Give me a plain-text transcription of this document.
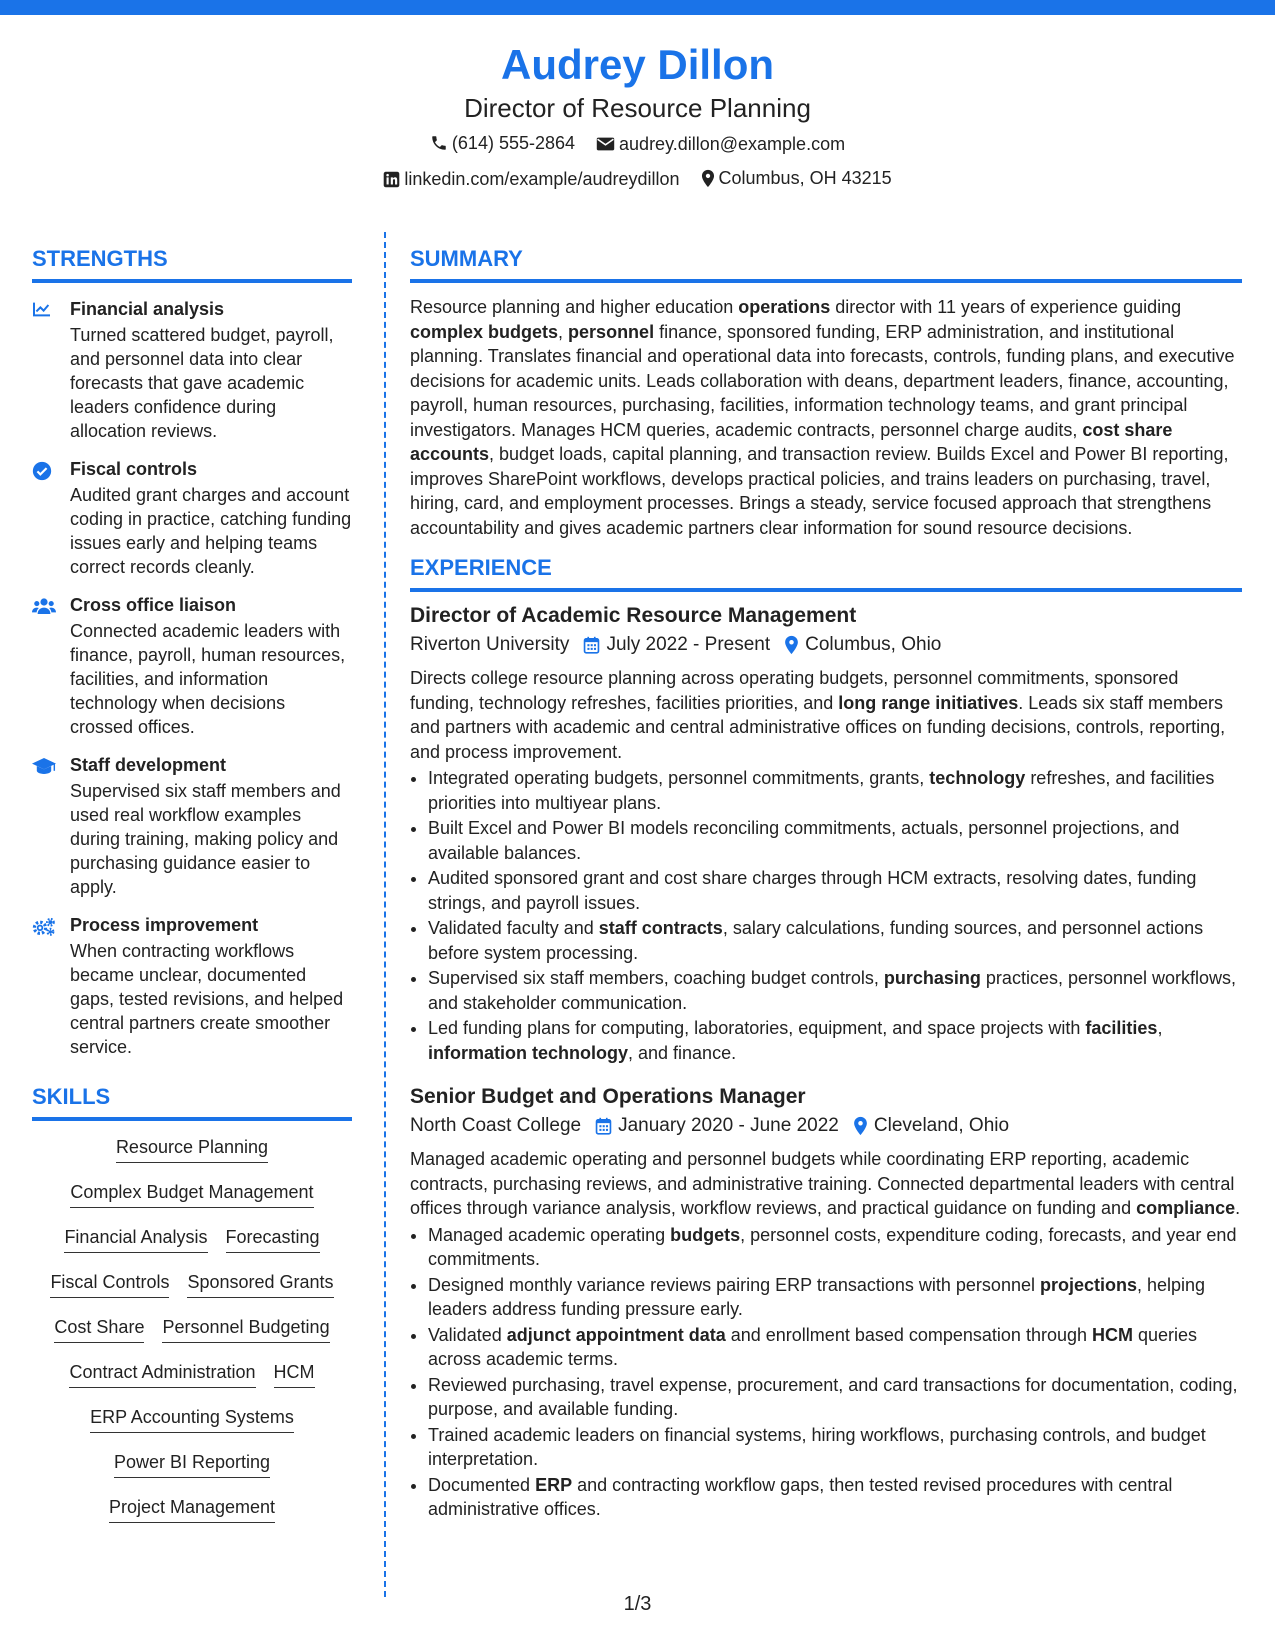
Audrey Dillon
Director of Resource Planning
(614) 555-2864
audrey.dillon@example.com
linkedin.com/example/audreydillon
Columbus, OH 43215
STRENGTHS
Financial analysis
Turned scattered budget, payroll, and personnel data into clear forecasts that gave academic leaders confidence during allocation reviews.
Fiscal controls
Audited grant charges and account coding in practice, catching funding issues early and helping teams correct records cleanly.
Cross office liaison
Connected academic leaders with finance, payroll, human resources, facilities, and information technology when decisions crossed offices.
Staff development
Supervised six staff members and used real workflow examples during training, making policy and purchasing guidance easier to apply.
Process improvement
When contracting workflows became unclear, documented gaps, tested revisions, and helped central partners create smoother service.
SKILLS
Resource Planning
Complex Budget Management
Financial Analysis Forecasting
Fiscal Controls Sponsored Grants
Cost Share Personnel Budgeting
Contract Administration HCM
ERP Accounting Systems
Power BI Reporting
Project Management
SUMMARY
Resource planning and higher education operations director with 11 years of experience guiding complex budgets, personnel finance, sponsored funding, ERP administration, and institutional planning. Translates financial and operational data into forecasts, controls, funding plans, and executive decisions for academic units. Leads collaboration with deans, department leaders, finance, accounting, payroll, human resources, purchasing, facilities, information technology teams, and grant principal investigators. Manages HCM queries, academic contracts, personnel charge audits, cost share accounts, budget loads, capital planning, and transaction review. Builds Excel and Power BI reporting, improves SharePoint workflows, develops practical policies, and trains leaders on purchasing, travel, hiring, card, and employment processes. Brings a steady, service focused approach that strengthens accountability and gives academic partners clear information for sound resource decisions.
EXPERIENCE
Director of Academic Resource Management
Riverton University July 2022 - Present Columbus, Ohio
Directs college resource planning across operating budgets, personnel commitments, sponsored funding, technology refreshes, facilities priorities, and long range initiatives. Leads six staff members and partners with academic and central administrative offices on funding decisions, controls, reporting, and process improvement.
• Integrated operating budgets, personnel commitments, grants, technology refreshes, and facilities priorities into multiyear plans.
• Built Excel and Power BI models reconciling commitments, actuals, personnel projections, and available balances.
• Audited sponsored grant and cost share charges through HCM extracts, resolving dates, funding strings, and payroll issues.
• Validated faculty and staff contracts, salary calculations, funding sources, and personnel actions before system processing.
• Supervised six staff members, coaching budget controls, purchasing practices, personnel workflows, and stakeholder communication.
• Led funding plans for computing, laboratories, equipment, and space projects with facilities, information technology, and finance.
Senior Budget and Operations Manager
North Coast College January 2020 - June 2022 Cleveland, Ohio
Managed academic operating and personnel budgets while coordinating ERP reporting, academic contracts, purchasing reviews, and administrative training. Connected departmental leaders with central offices through variance analysis, workflow reviews, and practical guidance on funding and compliance.
• Managed academic operating budgets, personnel costs, expenditure coding, forecasts, and year end commitments.
• Designed monthly variance reviews pairing ERP transactions with personnel projections, helping leaders address funding pressure early.
• Validated adjunct appointment data and enrollment based compensation through HCM queries across academic terms.
• Reviewed purchasing, travel expense, procurement, and card transactions for documentation, coding, purpose, and available funding.
• Trained academic leaders on financial systems, hiring workflows, purchasing controls, and budget interpretation.
• Documented ERP and contracting workflow gaps, then tested revised procedures with central administrative offices.
1/3
